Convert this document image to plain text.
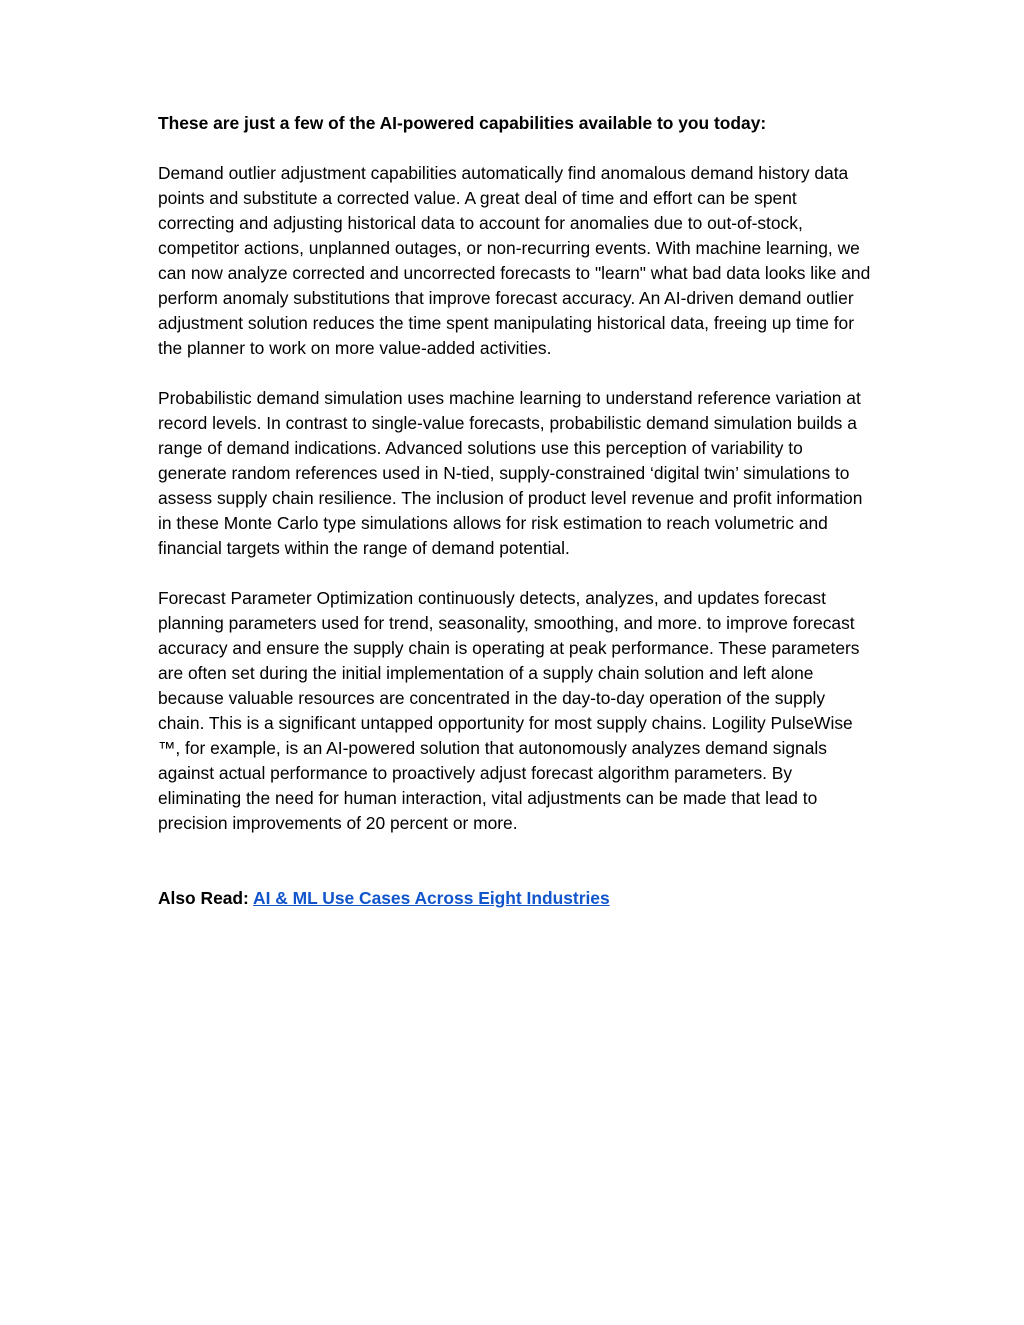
These are just a few of the AI-powered capabilities available to you today:

Demand outlier adjustment capabilities automatically find anomalous demand history data points and substitute a corrected value. A great deal of time and effort can be spent correcting and adjusting historical data to account for anomalies due to out-of-stock, competitor actions, unplanned outages, or non-recurring events. With machine learning, we can now analyze corrected and uncorrected forecasts to "learn" what bad data looks like and perform anomaly substitutions that improve forecast accuracy. An AI-driven demand outlier adjustment solution reduces the time spent manipulating historical data, freeing up time for the planner to work on more value-added activities.

Probabilistic demand simulation uses machine learning to understand reference variation at record levels. In contrast to single-value forecasts, probabilistic demand simulation builds a range of demand indications. Advanced solutions use this perception of variability to generate random references used in N-tied, supply-constrained ‘digital twin’ simulations to assess supply chain resilience. The inclusion of product level revenue and profit information in these Monte Carlo type simulations allows for risk estimation to reach volumetric and financial targets within the range of demand potential.

Forecast Parameter Optimization continuously detects, analyzes, and updates forecast planning parameters used for trend, seasonality, smoothing, and more. to improve forecast accuracy and ensure the supply chain is operating at peak performance. These parameters are often set during the initial implementation of a supply chain solution and left alone because valuable resources are concentrated in the day-to-day operation of the supply chain. This is a significant untapped opportunity for most supply chains. Logility PulseWise ™, for example, is an AI-powered solution that autonomously analyzes demand signals against actual performance to proactively adjust forecast algorithm parameters. By eliminating the need for human interaction, vital adjustments can be made that lead to precision improvements of 20 percent or more.

Also Read: AI & ML Use Cases Across Eight Industries
